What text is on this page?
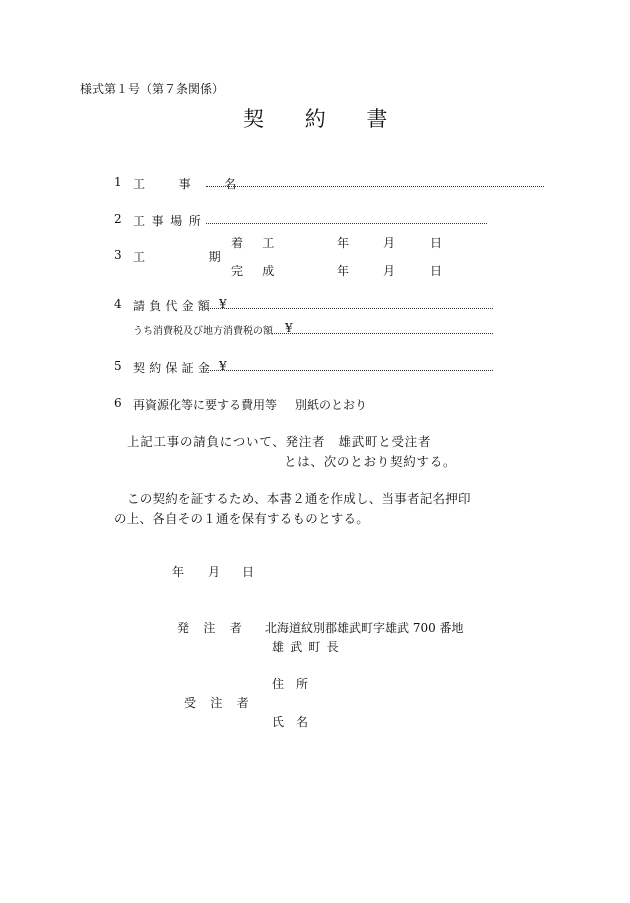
様式第１号（第７条関係）
契 約 書
1 工　事　名
2 工事場所
3 工　　期
着　工	年	月	日
完　成	年	月	日
4 請負代金額 ¥
うち消費税及び地方消費税の額 ¥
5 契約保証金 ¥
6 再資源化等に要する費用等 別紙のとおり
上記工事の請負について、発注者　雄武町と受注者
とは、次のとおり契約する。
この契約を証するため、本書２通を作成し、当事者記名押印
の上、各自その１通を保有するものとする。
年 月 日
発　注　者 北海道紋別郡雄武町字雄武 700 番地
雄 武 町 長
住　所
受　注　者
氏　名
